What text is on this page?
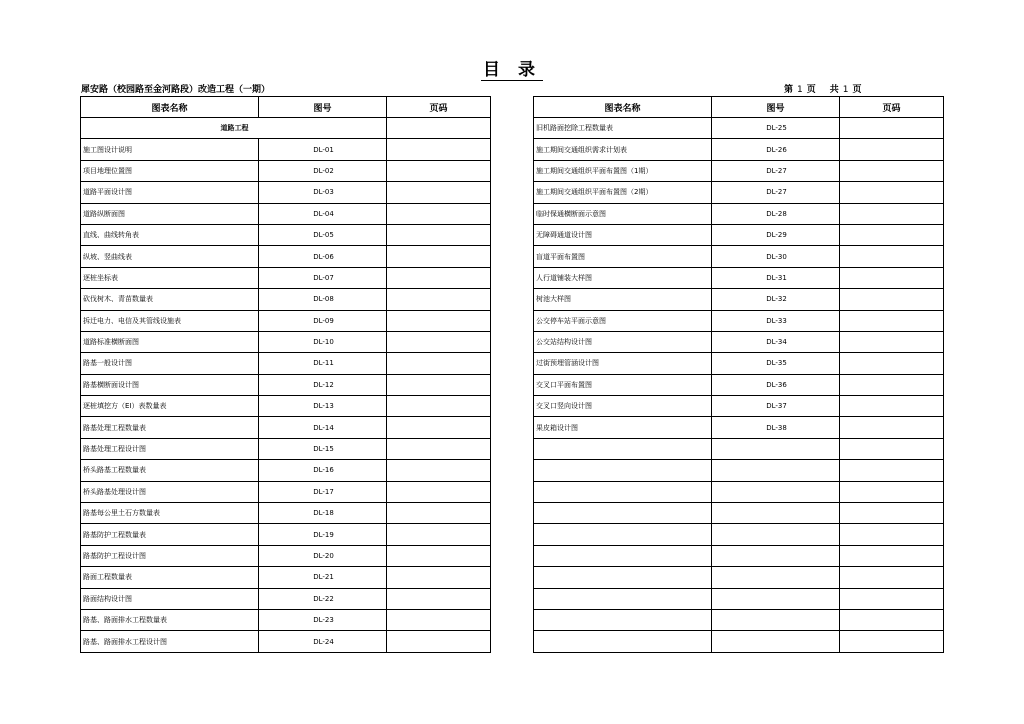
目 录
犀安路（校园路至金河路段）改造工程（一期）	第 1 页 共 1 页
图表名称	图号	页码
道路工程		
施工图设计说明	DL-01	
项目地理位置图	DL-02	
道路平面设计图	DL-03	
道路纵断面图	DL-04	
直线、曲线转角表	DL-05	
纵坡、竖曲线表	DL-06	
逐桩坐标表	DL-07	
砍伐树木、青苗数量表	DL-08	
拆迁电力、电信及其管线设施表	DL-09	
道路标准横断面图	DL-10	
路基一般设计图	DL-11	
路基横断面设计图	DL-12	
逐桩填挖方（EI）表数量表	DL-13	
路基处理工程数量表	DL-14	
路基处理工程设计图	DL-15	
桥头路基工程数量表	DL-16	
桥头路基处理设计图	DL-17	
路基每公里土石方数量表	DL-18	
路基防护工程数量表	DL-19	
路基防护工程设计图	DL-20	
路面工程数量表	DL-21	
路面结构设计图	DL-22	
路基、路面排水工程数量表	DL-23	
路基、路面排水工程设计图	DL-24	
图表名称	图号	页码
旧机路面挖除工程数量表	DL-25	
施工期间交通组织需求计划表	DL-26	
施工期间交通组织平面布置图（1期）	DL-27	
施工期间交通组织平面布置图（2期）	DL-27	
临时保通横断面示意图	DL-28	
无障碍通道设计图	DL-29	
盲道平面布置图	DL-30	
人行道铺装大样图	DL-31	
树池大样图	DL-32	
公交停车站平面示意图	DL-33	
公交站结构设计图	DL-34	
过街预埋管涵设计图	DL-35	
交叉口平面布置图	DL-36	
交叉口竖向设计图	DL-37	
果皮箱设计图	DL-38	
